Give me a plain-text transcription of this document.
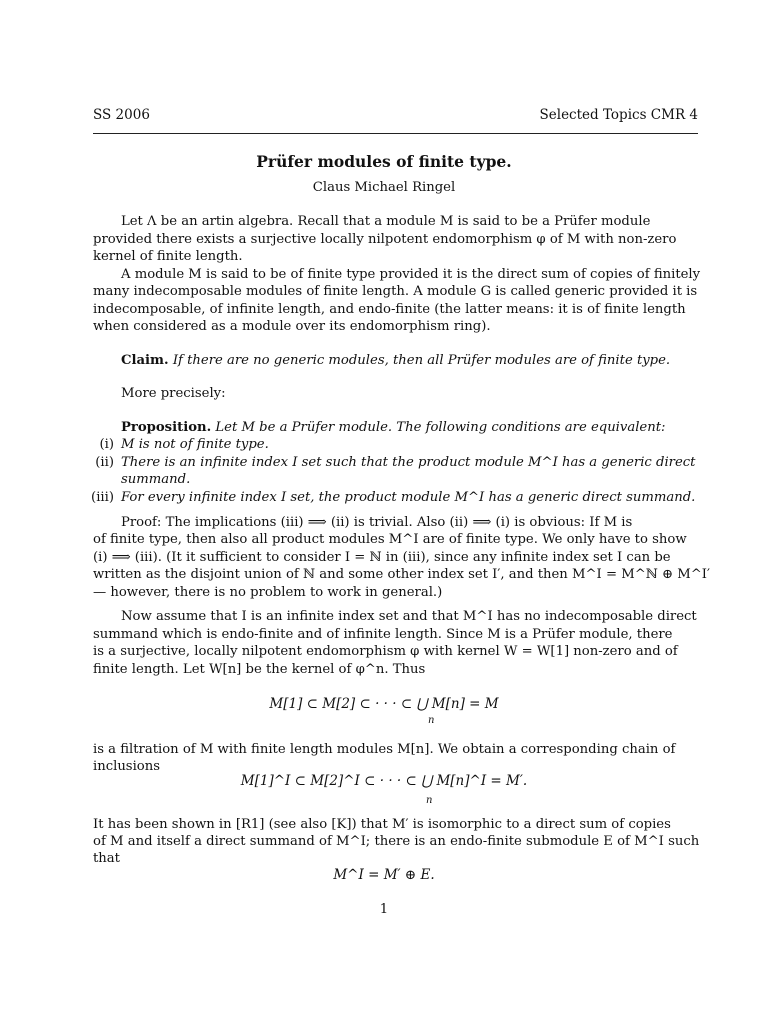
SS 2006	Selected Topics CMR 4
Prüfer modules of finite type.
Claus Michael Ringel
Let Λ be an artin algebra. Recall that a module M is said to be a Prüfer module
provided there exists a surjective locally nilpotent endomorphism φ of M with non-zero
kernel of finite length.
A module M is said to be of finite type provided it is the direct sum of copies of finitely
many indecomposable modules of finite length. A module G is called generic provided it is
indecomposable, of infinite length, and endo-finite (the latter means: it is of finite length
when considered as a module over its endomorphism ring).
Claim. If there are no generic modules, then all Prüfer modules are of finite type.
More precisely:
Proposition. Let M be a Prüfer module. The following conditions are equivalent:
(i) M is not of finite type.
(ii) There is an infinite index I set such that the product module M^I has a generic direct
summand.
(iii) For every infinite index I set, the product module M^I has a generic direct summand.
Proof: The implications (iii) ⟹ (ii) is trivial. Also (ii) ⟹ (i) is obvious: If M is
of finite type, then also all product modules M^I are of finite type. We only have to show
(i) ⟹ (iii). (It it sufficient to consider I = ℕ in (iii), since any infinite index set I can be
written as the disjoint union of ℕ and some other index set I′, and then M^I = M^ℕ ⊕ M^I′
— however, there is no problem to work in general.)
Now assume that I is an infinite index set and that M^I has no indecomposable direct
summand which is endo-finite and of infinite length. Since M is a Prüfer module, there
is a surjective, locally nilpotent endomorphism φ with kernel W = W[1] non-zero and of
finite length. Let W[n] be the kernel of φ^n. Thus
M[1] ⊂ M[2] ⊂ · · · ⊂ ⋃ M[n] = M
n
is a filtration of M with finite length modules M[n]. We obtain a corresponding chain of
inclusions
M[1]^I ⊂ M[2]^I ⊂ · · · ⊂ ⋃ M[n]^I = M′.
n
It has been shown in [R1] (see also [K]) that M′ is isomorphic to a direct sum of copies
of M and itself a direct summand of M^I; there is an endo-finite submodule E of M^I such
that
M^I = M′ ⊕ E.
1
